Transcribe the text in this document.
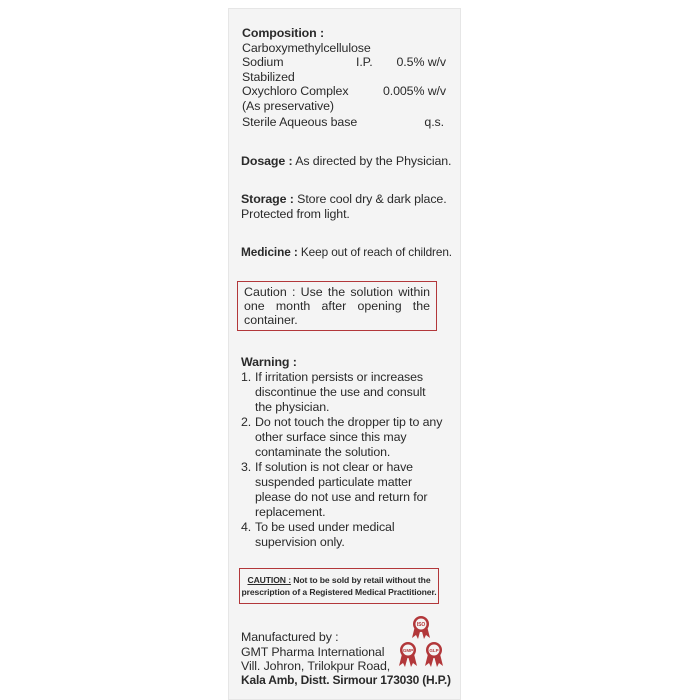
Composition :

Carboxymethylcellulose

Sodium	I.P.	0.5% w/v

Stabilized

Oxychloro Complex	0.005% w/v

(As preservative)

Sterile Aqueous base	q.s.

Dosage : As directed by the Physician.

Storage : Store cool dry & dark place.

Protected from light.

Medicine : Keep out of reach of children.

Caution : Use the solution within one month after opening the container.

Warning :

1. If irritation persists or increases discontinue the use and consult the physician.
2. Do not touch the dropper tip to any other surface since this may contaminate the solution.
3. If solution is not clear or have suspended particulate matter please do not use and return for replacement.
4. To be used under medical supervision only.

CAUTION : Not to be sold by retail without the
prescription of a Registered Medical Practitioner.

Manufactured by :

GMT Pharma International

Vill. Johron, Trilokpur Road,

Kala Amb, Distt. Sirmour 173030 (H.P.)

ISO
GMP	GLP
